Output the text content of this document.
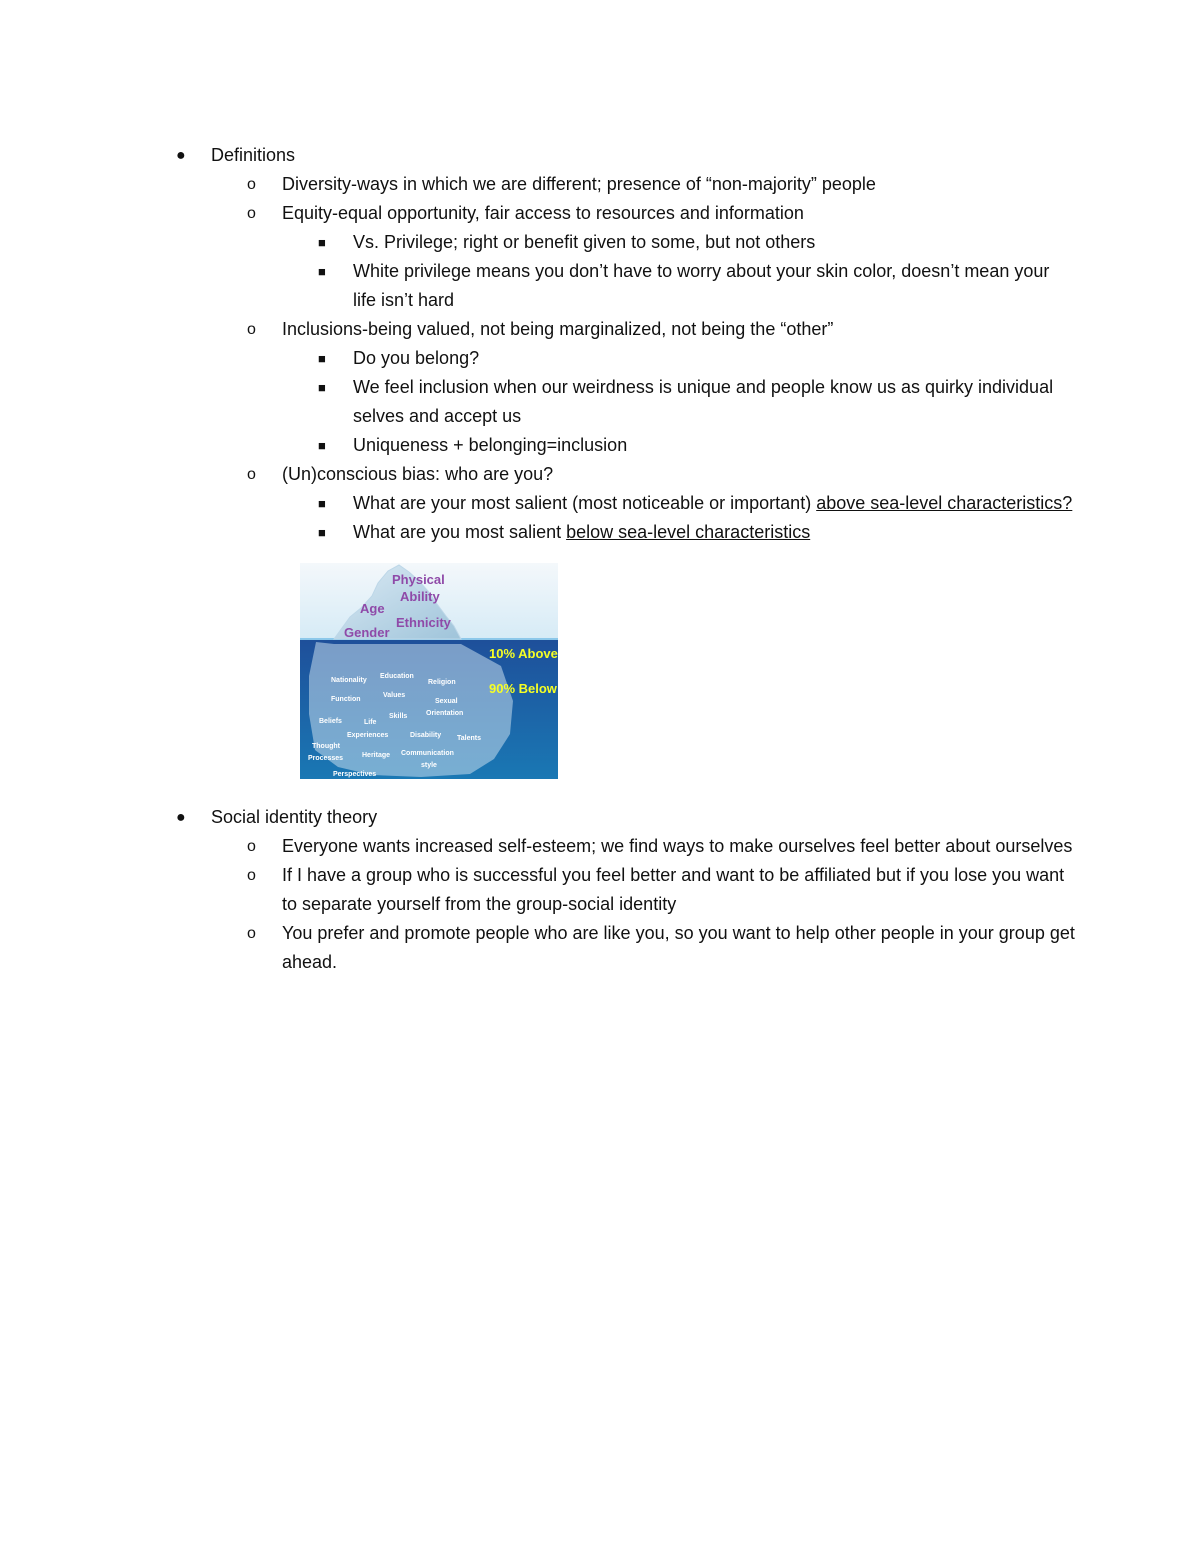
●	Definitions
o	Diversity-ways in which we are different; presence of “non-majority” people
o	Equity-equal opportunity, fair access to resources and information
■	Vs. Privilege; right or benefit given to some, but not others
■	White privilege means you don’t have to worry about your skin color, doesn’t mean your life isn’t hard
o	Inclusions-being valued, not being marginalized, not being the “other”
■	Do you belong?
■	We feel inclusion when our weirdness is unique and people know us as quirky individual selves and accept us
■	Uniqueness + belonging=inclusion
o	(Un)conscious bias: who are you?
■	What are your most salient (most noticeable or important) above sea-level characteristics?
■	What are you most salient below sea-level characteristics
Physical
Ability
Age
Ethnicity
Gender
10% Above
90% Below
Nationality
Education
Religion
Function
Values
Sexual
Orientation
Beliefs
Skills
Life
Experiences	Disability Talents
Thought
Processes	Heritage Communication
style
Perspectives
●	Social identity theory
o	Everyone wants increased self-esteem; we find ways to make ourselves feel better about ourselves
o	If I have a group who is successful you feel better and want to be affiliated but if you lose you want to separate yourself from the group-social identity
o	You prefer and promote people who are like you, so you want to help other people in your group get ahead.
